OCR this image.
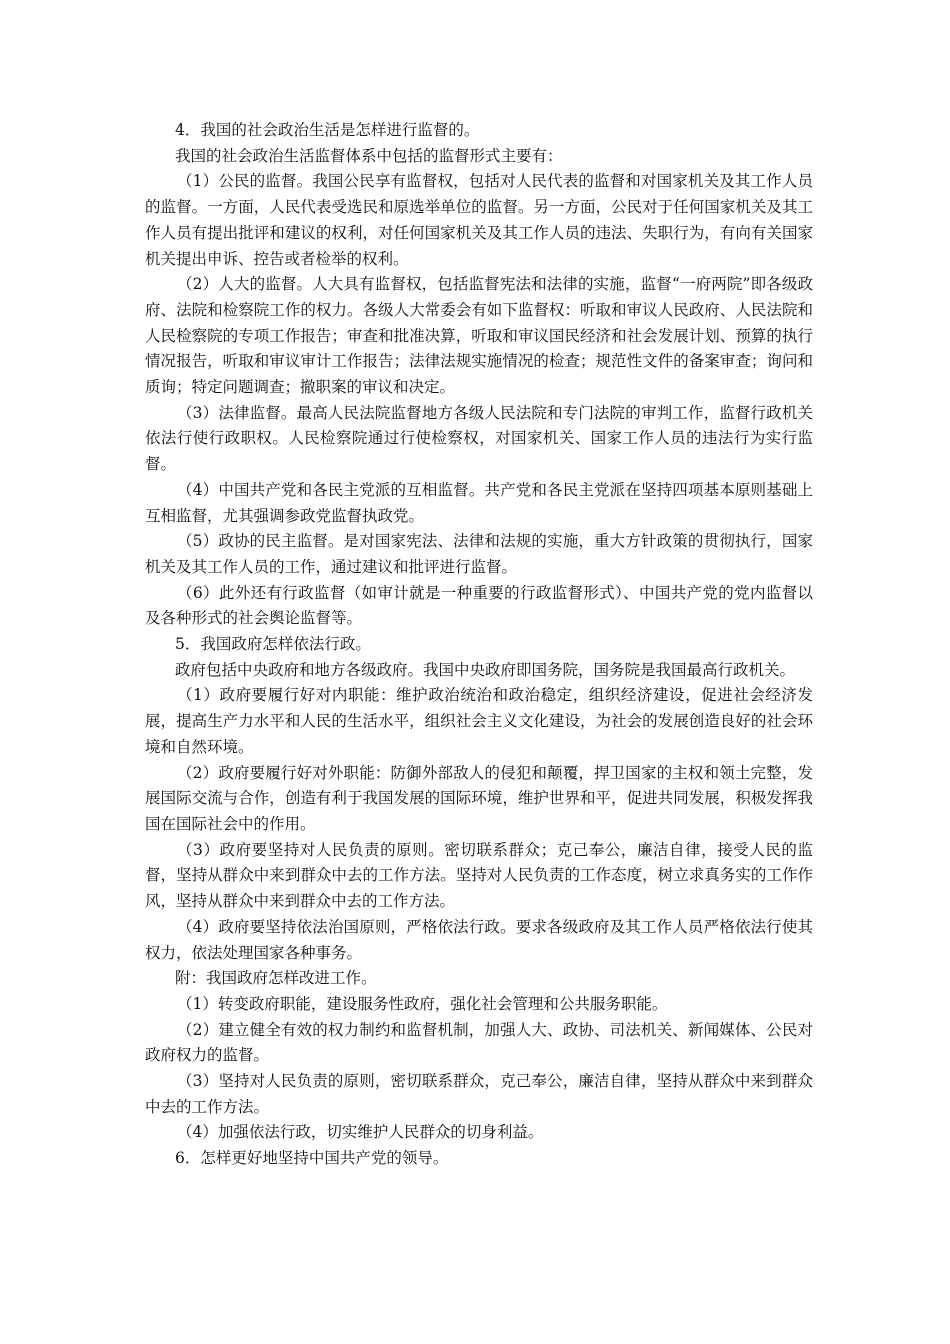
4．我国的社会政治生活是怎样进行监督的。

我国的社会政治生活监督体系中包括的监督形式主要有：

（1）公民的监督。我国公民享有监督权，包括对人民代表的监督和对国家机关及其工作人员的监督。一方面，人民代表受选民和原选举单位的监督。另一方面，公民对于任何国家机关及其工作人员有提出批评和建议的权利，对任何国家机关及其工作人员的违法、失职行为，有向有关国家机关提出申诉、控告或者检举的权利。

（2）人大的监督。人大具有监督权，包括监督宪法和法律的实施，监督“一府两院”即各级政府、法院和检察院工作的权力。各级人大常委会有如下监督权：听取和审议人民政府、人民法院和人民检察院的专项工作报告；审查和批准决算，听取和审议国民经济和社会发展计划、预算的执行情况报告，听取和审议审计工作报告；法律法规实施情况的检查；规范性文件的备案审查；询问和质询；特定问题调查；撤职案的审议和决定。

（3）法律监督。最高人民法院监督地方各级人民法院和专门法院的审判工作，监督行政机关依法行使行政职权。人民检察院通过行使检察权，对国家机关、国家工作人员的违法行为实行监督。

（4）中国共产党和各民主党派的互相监督。共产党和各民主党派在坚持四项基本原则基础上互相监督，尤其强调参政党监督执政党。

（5）政协的民主监督。是对国家宪法、法律和法规的实施，重大方针政策的贯彻执行，国家机关及其工作人员的工作，通过建议和批评进行监督。

（6）此外还有行政监督（如审计就是一种重要的行政监督形式）、中国共产党的党内监督以及各种形式的社会舆论监督等。

5．我国政府怎样依法行政。

政府包括中央政府和地方各级政府。我国中央政府即国务院，国务院是我国最高行政机关。

（1）政府要履行好对内职能：维护政治统治和政治稳定，组织经济建设，促进社会经济发展，提高生产力水平和人民的生活水平，组织社会主义文化建设，为社会的发展创造良好的社会环境和自然环境。

（2）政府要履行好对外职能：防御外部敌人的侵犯和颠覆，捍卫国家的主权和领土完整，发展国际交流与合作，创造有利于我国发展的国际环境，维护世界和平，促进共同发展，积极发挥我国在国际社会中的作用。

（3）政府要坚持对人民负责的原则。密切联系群众；克己奉公，廉洁自律，接受人民的监督，坚持从群众中来到群众中去的工作方法。坚持对人民负责的工作态度，树立求真务实的工作作风，坚持从群众中来到群众中去的工作方法。

（4）政府要坚持依法治国原则，严格依法行政。要求各级政府及其工作人员严格依法行使其权力，依法处理国家各种事务。

附：我国政府怎样改进工作。

（1）转变政府职能，建设服务性政府，强化社会管理和公共服务职能。

（2）建立健全有效的权力制约和监督机制，加强人大、政协、司法机关、新闻媒体、公民对政府权力的监督。

（3）坚持对人民负责的原则，密切联系群众，克己奉公，廉洁自律，坚持从群众中来到群众中去的工作方法。

（4）加强依法行政，切实维护人民群众的切身利益。

6．怎样更好地坚持中国共产党的领导。
